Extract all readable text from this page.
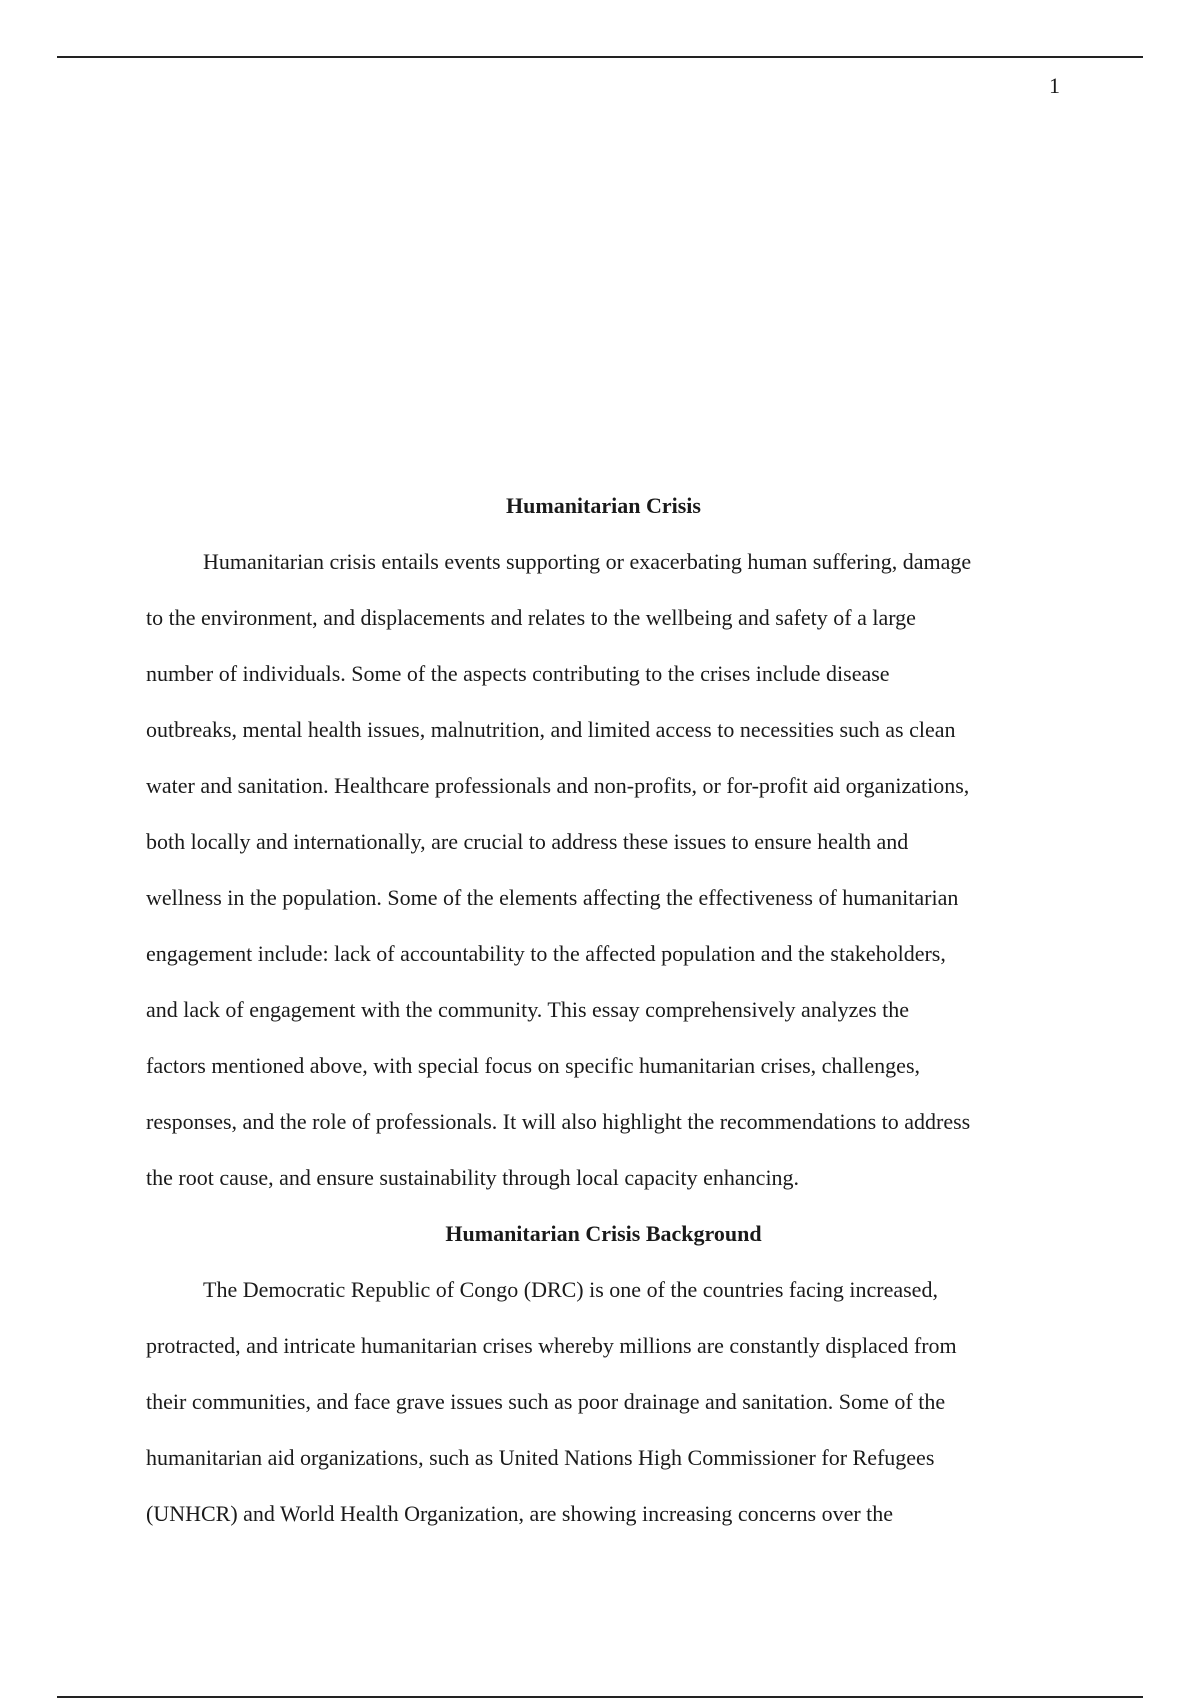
1
Humanitarian Crisis

Humanitarian crisis entails events supporting or exacerbating human suffering, damage
to the environment, and displacements and relates to the wellbeing and safety of a large
number of individuals. Some of the aspects contributing to the crises include disease
outbreaks, mental health issues, malnutrition, and limited access to necessities such as clean
water and sanitation. Healthcare professionals and non-profits, or for-profit aid organizations,
both locally and internationally, are crucial to address these issues to ensure health and
wellness in the population. Some of the elements affecting the effectiveness of humanitarian
engagement include: lack of accountability to the affected population and the stakeholders,
and lack of engagement with the community. This essay comprehensively analyzes the
factors mentioned above, with special focus on specific humanitarian crises, challenges,
responses, and the role of professionals. It will also highlight the recommendations to address
the root cause, and ensure sustainability through local capacity enhancing.

Humanitarian Crisis Background

The Democratic Republic of Congo (DRC) is one of the countries facing increased,
protracted, and intricate humanitarian crises whereby millions are constantly displaced from
their communities, and face grave issues such as poor drainage and sanitation. Some of the
humanitarian aid organizations, such as United Nations High Commissioner for Refugees
(UNHCR) and World Health Organization, are showing increasing concerns over the
